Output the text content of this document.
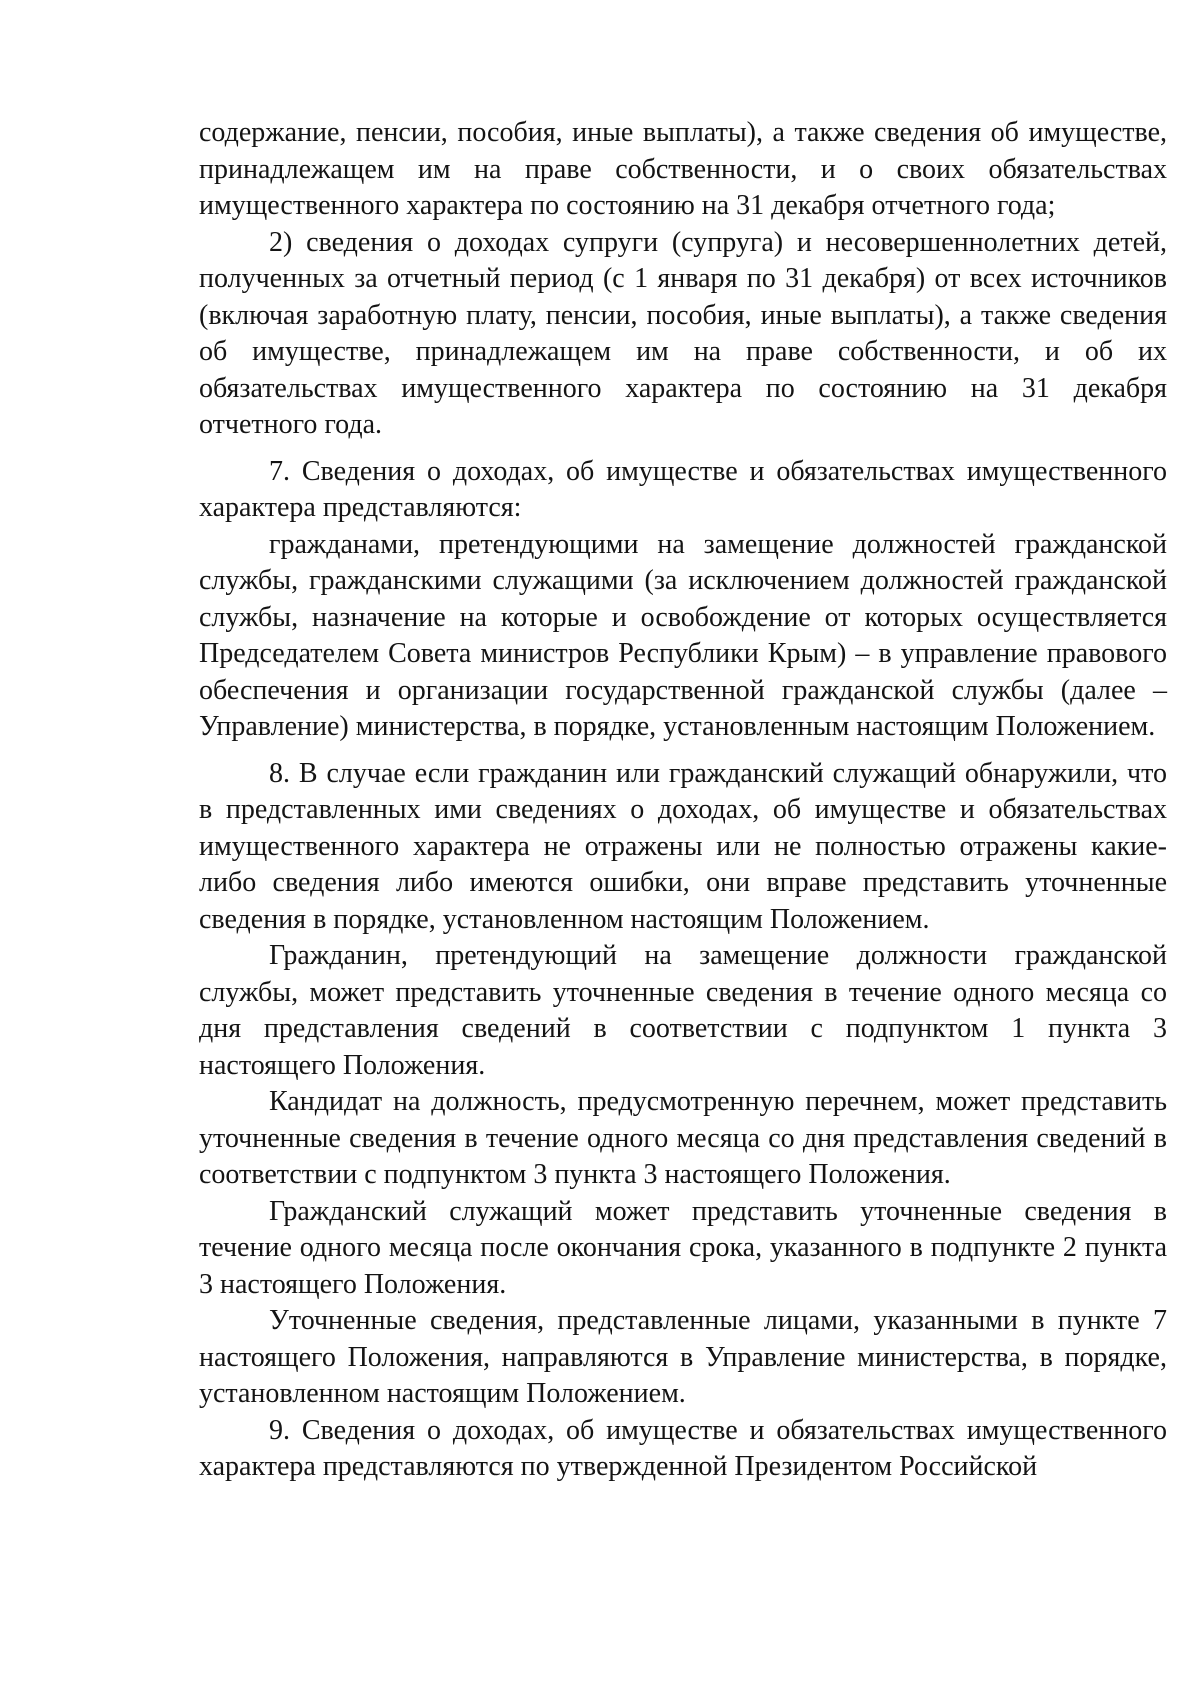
содержание, пенсии, пособия, иные выплаты), а также сведения об имуществе, принадлежащем им на праве собственности, и о своих обязательствах имущественного характера по состоянию на 31 декабря отчетного года;

2) сведения о доходах супруги (супруга) и несовершеннолетних детей, полученных за отчетный период (с 1 января по 31 декабря) от всех источников (включая заработную плату, пенсии, пособия, иные выплаты), а также сведения об имуществе, принадлежащем им на праве собственности, и об их обязательствах имущественного характера по состоянию на 31 декабря отчетного года.

7. Сведения о доходах, об имуществе и обязательствах имущественного характера представляются:

гражданами, претендующими на замещение должностей гражданской службы, гражданскими служащими (за исключением должностей гражданской службы, назначение на которые и освобождение от которых осуществляется Председателем Совета министров Республики Крым) – в управление правового обеспечения и организации государственной гражданской службы (далее – Управление) министерства, в порядке, установленным настоящим Положением.

8. В случае если гражданин или гражданский служащий обнаружили, что в представленных ими сведениях о доходах, об имуществе и обязательствах имущественного характера не отражены или не полностью отражены какие-либо сведения либо имеются ошибки, они вправе представить уточненные сведения в порядке, установленном настоящим Положением.

Гражданин, претендующий на замещение должности гражданской службы, может представить уточненные сведения в течение одного месяца со дня представления сведений в соответствии с подпунктом 1 пункта 3 настоящего Положения.

Кандидат на должность, предусмотренную перечнем, может представить уточненные сведения в течение одного месяца со дня представления сведений в соответствии с подпунктом 3 пункта 3 настоящего Положения.

Гражданский служащий может представить уточненные сведения в течение одного месяца после окончания срока, указанного в подпункте 2 пункта 3 настоящего Положения.

Уточненные сведения, представленные лицами, указанными в пункте 7 настоящего Положения, направляются в Управление министерства, в порядке, установленном настоящим Положением.

9. Сведения о доходах, об имуществе и обязательствах имущественного характера представляются по утвержденной Президентом Российской
